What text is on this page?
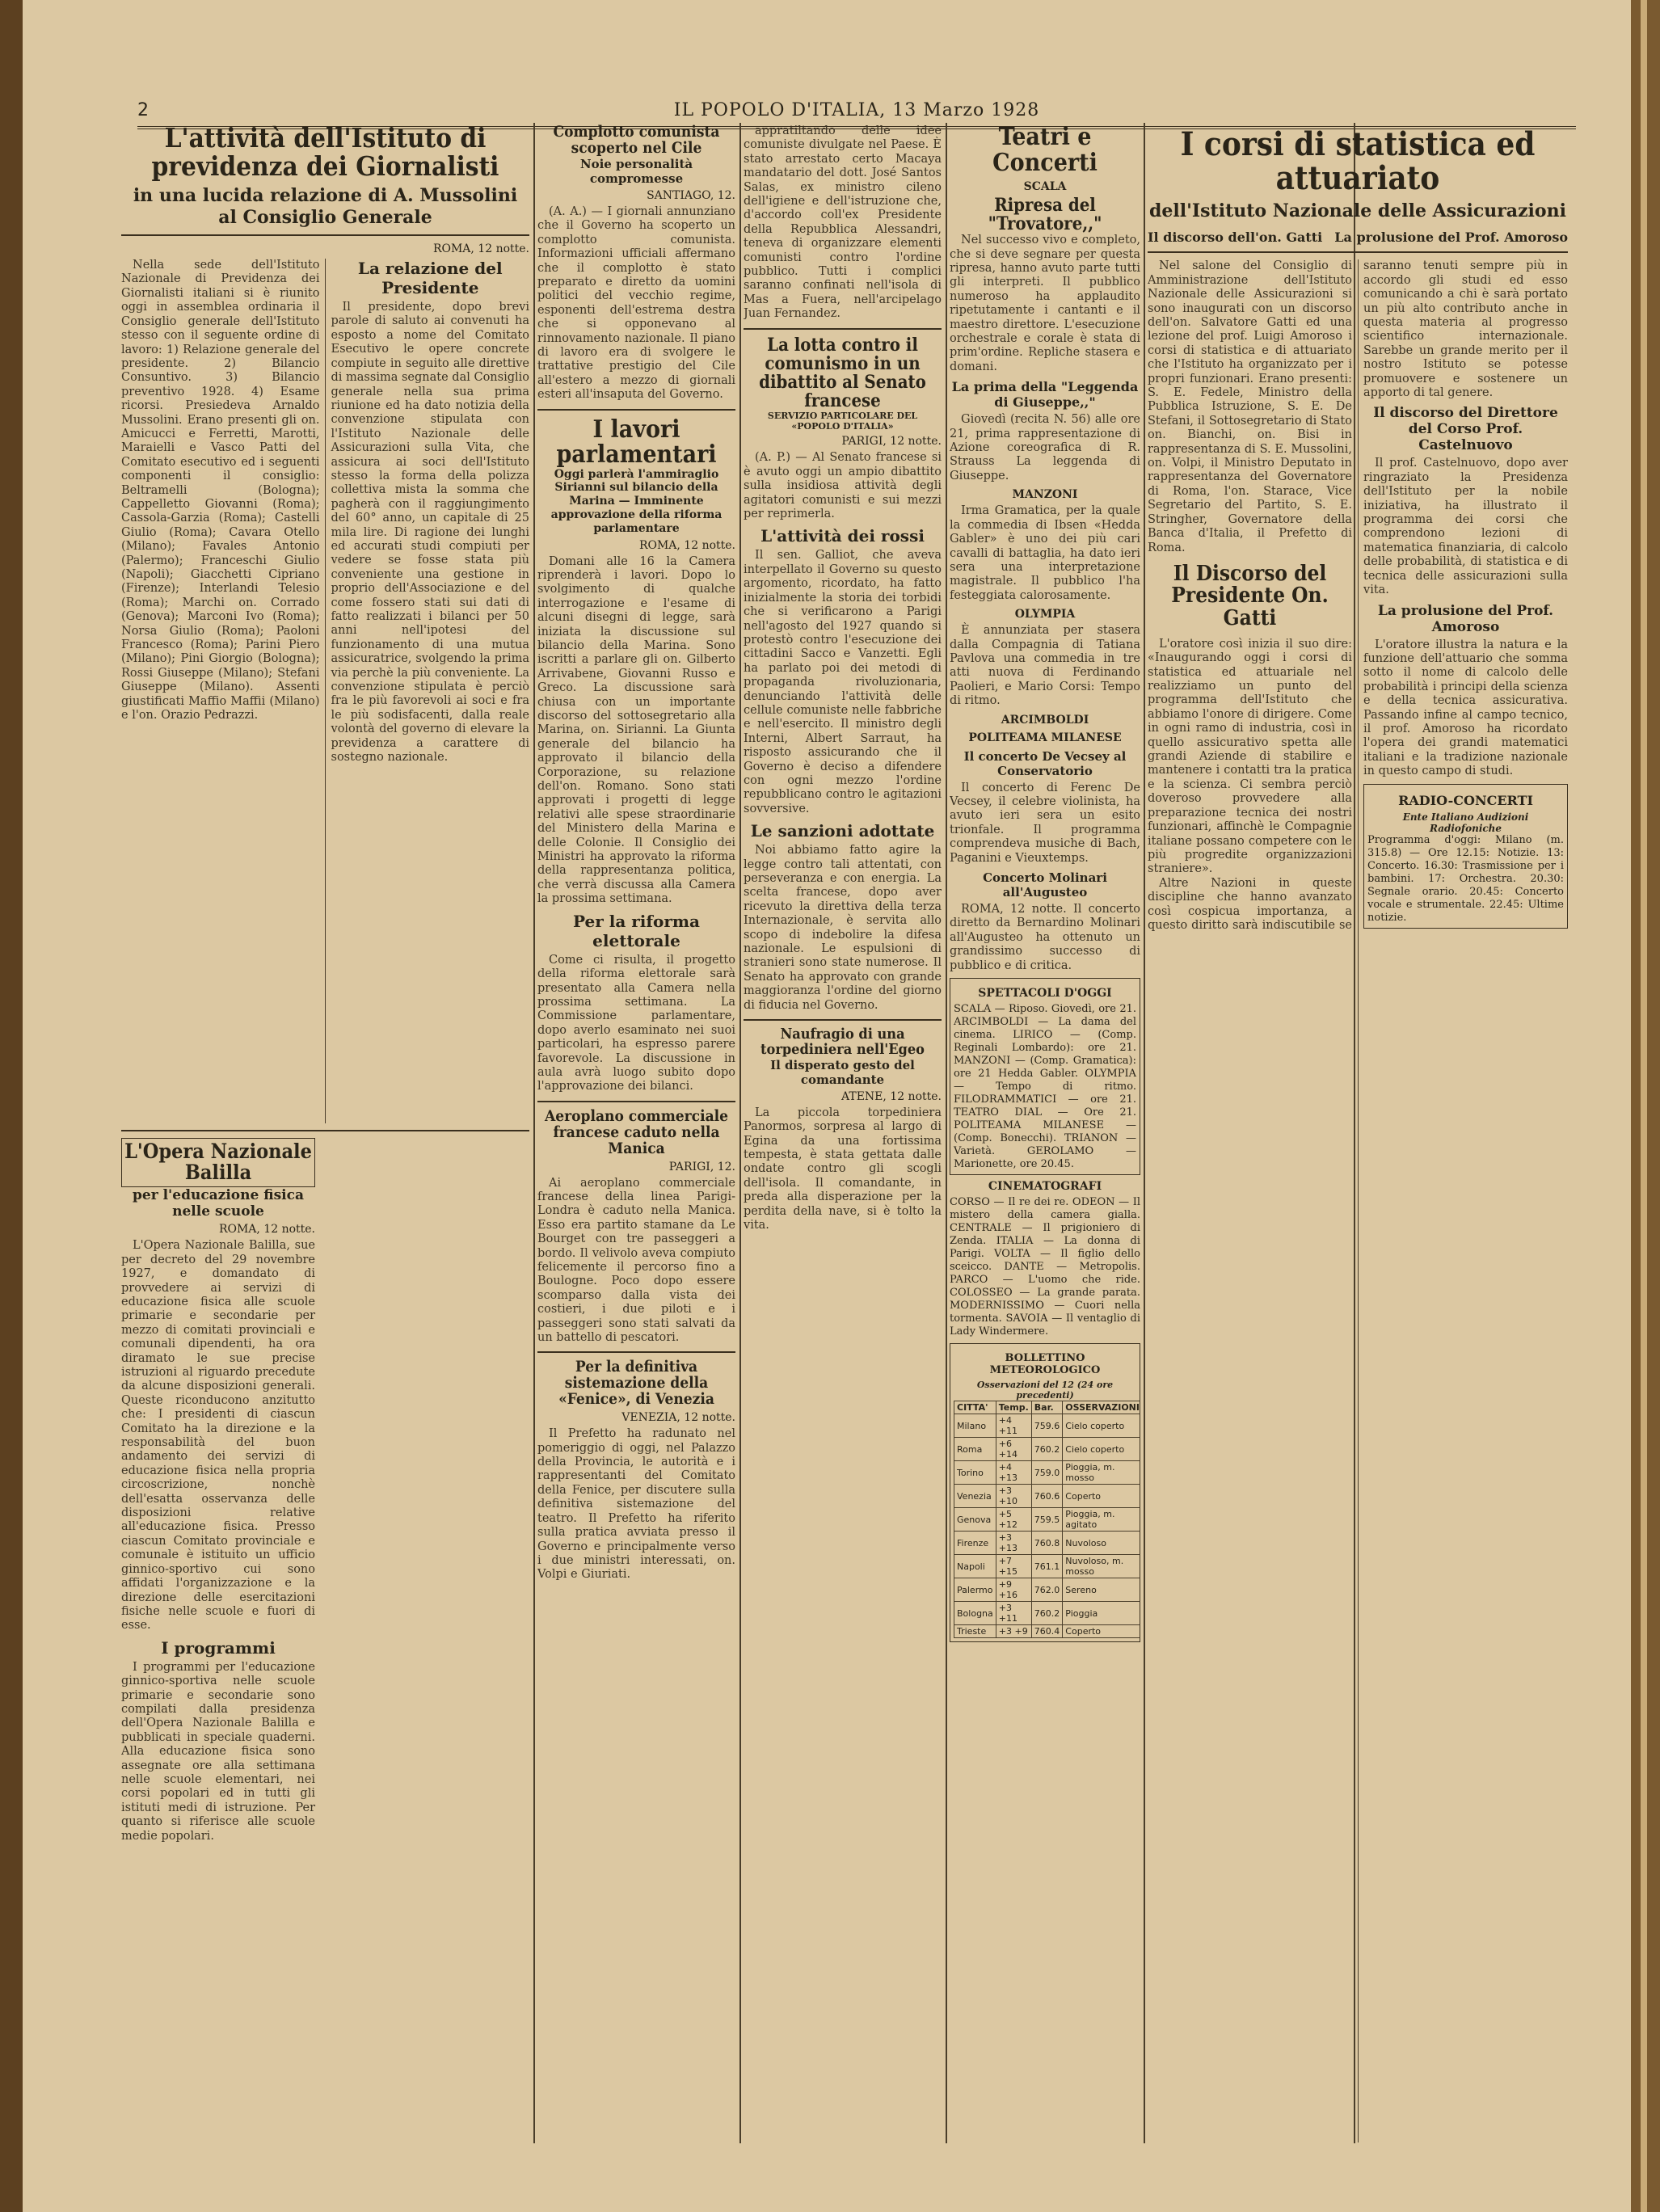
2	IL POPOLO D'ITALIA, 13 Marzo 1928
L'attività dell'Istituto di previdenza dei Giornalisti
in una lucida relazione di A. Mussolini al Consiglio Generale
ROMA, 12 notte.

Nella sede dell'Istituto Nazionale di Previdenza dei Giornalisti italiani si è riunito oggi in assemblea ordinaria il Consiglio generale dell'Istituto stesso con il seguente ordine di lavoro: 1) Relazione generale del presidente. 2) Bilancio Consuntivo. 3) Bilancio preventivo 1928. 4) Esame ricorsi. Presiedeva Arnaldo Mussolini. Erano presenti gli on. Amicucci e Ferretti, Marotti, Maraielli e Vasco Patti del Comitato esecutivo ed i seguenti componenti il consiglio: Beltramelli (Bologna); Cappelletto Giovanni (Roma); Cassola-Garzia (Roma); Castelli Giulio (Roma); Cavara Otello (Milano); Favales Antonio (Palermo); Franceschi Giulio (Napoli); Giacchetti Cipriano (Firenze); Interlandi Telesio (Roma); Marchi on. Corrado (Genova); Marconi Ivo (Roma); Norsa Giulio (Roma); Paoloni Francesco (Roma); Parini Piero (Milano); Pini Giorgio (Bologna); Rossi Giuseppe (Milano); Stefani Giuseppe (Milano). Assenti giustificati Maffio Maffii (Milano) e l'on. Orazio Pedrazzi.

La relazione del Presidente

Il presidente, dopo brevi parole di saluto ai convenuti ha esposto a nome del Comitato Esecutivo le opere concrete compiute in seguito alle direttive di massima segnate dal Consiglio generale nella sua prima riunione ed ha dato notizia della convenzione stipulata con l'Istituto Nazionale delle Assicurazioni sulla Vita, che assicura ai soci dell'Istituto stesso la forma della polizza collettiva mista la somma che pagherà con il raggiungimento del 60° anno, un capitale di 25 mila lire. Di ragione dei lunghi ed accurati studi compiuti per vedere se fosse stata più conveniente una gestione in proprio dell'Associazione e del come fossero stati sui dati di fatto realizzati i bilanci per 50 anni nell'ipotesi del funzionamento di una mutua assicuratrice, svolgendo la prima via perchè la più conveniente. La convenzione stipulata è perciò fra le più favorevoli ai soci e fra le più sodisfacenti, dalla reale volontà del governo di elevare la previdenza a carattere di sostegno nazionale.

L'Opera Nazionale Balilla
per l'educazione fisica nelle scuole
ROMA, 12 notte.

L'Opera Nazionale Balilla, sue per decreto del 29 novembre 1927, e domandato di provvedere ai servizi di educazione fisica alle scuole primarie e secondarie per mezzo di comitati provinciali e comunali dipendenti, ha ora diramato le sue precise istruzioni al riguardo precedute da alcune disposizioni generali. Queste riconducono anzitutto che: I presidenti di ciascun Comitato ha la direzione e la responsabilità del buon andamento dei servizi di educazione fisica nella propria circoscrizione, nonchè dell'esatta osservanza delle disposizioni relative all'educazione fisica. Presso ciascun Comitato provinciale e comunale è istituito un ufficio ginnico-sportivo cui sono affidati l'organizzazione e la direzione delle esercitazioni fisiche nelle scuole e fuori di esse.

I programmi

I programmi per l'educazione ginnico-sportiva nelle scuole primarie e secondarie sono compilati dalla presidenza dell'Opera Nazionale Balilla e pubblicati in speciale quaderni. Alla educazione fisica sono assegnate ore alla settimana nelle scuole elementari, nei corsi popolari ed in tutti gli istituti medi di istruzione. Per quanto si riferisce alle scuole medie popolari.

Complotto comunista scoperto nel Cile
Noie personalità compromesse
SANTIAGO, 12.

(A. A.) — I giornali annunziano che il Governo ha scoperto un complotto comunista. Informazioni ufficiali affermano che il complotto è stato preparato e diretto da uomini politici del vecchio regime, esponenti dell'estrema destra che si opponevano al rinnovamento nazionale. Il piano di lavoro era di svolgere le trattative prestigio del Cile all'estero a mezzo di giornali esteri all'insaputa del Governo.

I lavori parlamentari
Oggi parlerà l'ammiraglio Sirianni sul bilancio della Marina — Imminente approvazione della riforma parlamentare
ROMA, 12 notte.

Domani alle 16 la Camera riprenderà i lavori. Dopo lo svolgimento di qualche interrogazione e l'esame di alcuni disegni di legge, sarà iniziata la discussione sul bilancio della Marina. Sono iscritti a parlare gli on. Gilberto Arrivabene, Giovanni Russo e Greco. La discussione sarà chiusa con un importante discorso del sottosegretario alla Marina, on. Sirianni. La Giunta generale del bilancio ha approvato il bilancio della Corporazione, su relazione dell'on. Romano. Sono stati approvati i progetti di legge relativi alle spese straordinarie del Ministero della Marina e delle Colonie. Il Consiglio dei Ministri ha approvato la riforma della rappresentanza politica, che verrà discussa alla Camera la prossima settimana.

Per la riforma elettorale

Come ci risulta, il progetto della riforma elettorale sarà presentato alla Camera nella prossima settimana. La Commissione parlamentare, dopo averlo esaminato nei suoi particolari, ha espresso parere favorevole. La discussione in aula avrà luogo subito dopo l'approvazione dei bilanci.

Aeroplano commerciale francese caduto nella Manica
PARIGI, 12.

Ai aeroplano commerciale francese della linea Parigi-Londra è caduto nella Manica. Esso era partito stamane da Le Bourget con tre passeggeri a bordo. Il velivolo aveva compiuto felicemente il percorso fino a Boulogne. Poco dopo essere scomparso dalla vista dei costieri, i due piloti e i passeggeri sono stati salvati da un battello di pescatori.

Per la definitiva sistemazione della «Fenice», di Venezia
VENEZIA, 12 notte.

Il Prefetto ha radunato nel pomeriggio di oggi, nel Palazzo della Provincia, le autorità e i rappresentanti del Comitato della Fenice, per discutere sulla definitiva sistemazione del teatro. Il Prefetto ha riferito sulla pratica avviata presso il Governo e principalmente verso i due ministri interessati, on. Volpi e Giuriati.

appratiltando delle idee comuniste divulgate nel Paese. È stato arrestato certo Macaya mandatario del dott. José Santos Salas, ex ministro cileno dell'igiene e dell'istruzione che, d'accordo coll'ex Presidente della Repubblica Alessandri, teneva di organizzare elementi comunisti contro l'ordine pubblico. Tutti i complici saranno confinati nell'isola di Mas a Fuera, nell'arcipelago Juan Fernandez.

La lotta contro il comunismo in un dibattito al Senato francese
SERVIZIO PARTICOLARE DEL «POPOLO D'ITALIA»
PARIGI, 12 notte.

(A. P.) — Al Senato francese si è avuto oggi un ampio dibattito sulla insidiosa attività degli agitatori comunisti e sui mezzi per reprimerla.

L'attività dei rossi

Il sen. Galliot, che aveva interpellato il Governo su questo argomento, ricordato, ha fatto inizialmente la storia dei torbidi che si verificarono a Parigi nell'agosto del 1927 quando si protestò contro l'esecuzione dei cittadini Sacco e Vanzetti. Egli ha parlato poi dei metodi di propaganda rivoluzionaria, denunciando l'attività delle cellule comuniste nelle fabbriche e nell'esercito. Il ministro degli Interni, Albert Sarraut, ha risposto assicurando che il Governo è deciso a difendere con ogni mezzo l'ordine repubblicano contro le agitazioni sovversive.

Le sanzioni adottate

Noi abbiamo fatto agire la legge contro tali attentati, con perseveranza e con energia. La scelta francese, dopo aver ricevuto la direttiva della terza Internazionale, è servita allo scopo di indebolire la difesa nazionale. Le espulsioni di stranieri sono state numerose. Il Senato ha approvato con grande maggioranza l'ordine del giorno di fiducia nel Governo.

Naufragio di una torpediniera nell'Egeo
Il disperato gesto del comandante
ATENE, 12 notte.

La piccola torpediniera Panormos, sorpresa al largo di Egina da una fortissima tempesta, è stata gettata dalle ondate contro gli scogli dell'isola. Il comandante, in preda alla disperazione per la perdita della nave, si è tolto la vita.

Teatri e Concerti
SCALA
Ripresa del "Trovatore,,"

Nel successo vivo e completo, che si deve segnare per questa ripresa, hanno avuto parte tutti gli interpreti. Il pubblico numeroso ha applaudito ripetutamente i cantanti e il maestro direttore. L'esecuzione orchestrale e corale è stata di prim'ordine. Repliche stasera e domani.

La prima della "Leggenda di Giuseppe,,"

Giovedì (recita N. 56) alle ore 21, prima rappresentazione di Azione coreografica di R. Strauss La leggenda di Giuseppe.

MANZONI

Irma Gramatica, per la quale la commedia di Ibsen «Hedda Gabler» è uno dei più cari cavalli di battaglia, ha dato ieri sera una interpretazione magistrale. Il pubblico l'ha festeggiata calorosamente.

OLYMPIA

È annunziata per stasera dalla Compagnia di Tatiana Pavlova una commedia in tre atti nuova di Ferdinando Paolieri, e Mario Corsi: Tempo di ritmo.

ARCIMBOLDI
POLITEAMA MILANESE
Il concerto De Vecsey al Conservatorio

Il concerto di Ferenc De Vecsey, il celebre violinista, ha avuto ieri sera un esito trionfale. Il programma comprendeva musiche di Bach, Paganini e Vieuxtemps.

Concerto Molinari all'Augusteo

ROMA, 12 notte. Il concerto diretto da Bernardino Molinari all'Augusteo ha ottenuto un grandissimo successo di pubblico e di critica.

SPETTACOLI D'OGGI

SCALA — Riposo. Giovedì, ore 21. ARCIMBOLDI — La dama del cinema. LIRICO — (Comp. Reginali Lombardo): ore 21. MANZONI — (Comp. Gramatica): ore 21 Hedda Gabler. OLYMPIA — Tempo di ritmo. FILODRAMMATICI — ore 21. TEATRO DIAL — Ore 21. POLITEAMA MILANESE — (Comp. Bonecchi). TRIANON — Varietà. GEROLAMO — Marionette, ore 20.45.

CINEMATOGRAFI

CORSO — Il re dei re. ODEON — Il mistero della camera gialla. CENTRALE — Il prigioniero di Zenda. ITALIA — La donna di Parigi. VOLTA — Il figlio dello sceicco. DANTE — Metropolis. PARCO — L'uomo che ride. COLOSSEO — La grande parata. MODERNISSIMO — Cuori nella tormenta. SAVOIA — Il ventaglio di Lady Windermere.

BOLLETTINO METEOROLOGICO
Osservazioni del 12 (24 ore precedenti)
CITTA'	Temp.	Bar.	OSSERVAZIONI
Milano	+4 +11	759.6	Cielo coperto
Roma	+6 +14	760.2	Cielo coperto
Torino	+4 +13	759.0	Pioggia, m. mosso
Venezia	+3 +10	760.6	Coperto
Genova	+5 +12	759.5	Pioggia, m. agitato
Firenze	+3 +13	760.8	Nuvoloso
Napoli	+7 +15	761.1	Nuvoloso, m. mosso
Palermo	+9 +16	762.0	Sereno
Bologna	+3 +11	760.2	Pioggia
Trieste	+3 +9	760.4	Coperto
I corsi di statistica ed attuariato
dell'Istituto Nazionale delle Assicurazioni
Il discorso dell'on. Gatti La prolusione del Prof. Amoroso

Nel salone del Consiglio di Amministrazione dell'Istituto Nazionale delle Assicurazioni si sono inaugurati con un discorso dell'on. Salvatore Gatti ed una lezione del prof. Luigi Amoroso i corsi di statistica e di attuariato che l'Istituto ha organizzato per i propri funzionari. Erano presenti: S. E. Fedele, Ministro della Pubblica Istruzione, S. E. De Stefani, il Sottosegretario di Stato on. Bianchi, on. Bisi in rappresentanza di S. E. Mussolini, on. Volpi, il Ministro Deputato in rappresentanza del Governatore di Roma, l'on. Starace, Vice Segretario del Partito, S. E. Stringher, Governatore della Banca d'Italia, il Prefetto di Roma.

Il Discorso del Presidente On. Gatti

L'oratore così inizia il suo dire: «Inaugurando oggi i corsi di statistica ed attuariale nel realizziamo un punto del programma dell'Istituto che abbiamo l'onore di dirigere. Come in ogni ramo di industria, così in quello assicurativo spetta alle grandi Aziende di stabilire e mantenere i contatti tra la pratica e la scienza. Ci sembra perciò doveroso provvedere alla preparazione tecnica dei nostri funzionari, affinchè le Compagnie italiane possano competere con le più progredite organizzazioni straniere».

Altre Nazioni in queste discipline che hanno avanzato così cospicua importanza, a questo diritto sarà indiscutibile se saranno tenuti sempre più in accordo gli studi ed esso comunicando a chi è sarà portato un più alto contributo anche in questa materia al progresso scientifico internazionale. Sarebbe un grande merito per il nostro Istituto se potesse promuovere e sostenere un apporto di tal genere.

Il discorso del Direttore del Corso Prof. Castelnuovo

Il prof. Castelnuovo, dopo aver ringraziato la Presidenza dell'Istituto per la nobile iniziativa, ha illustrato il programma dei corsi che comprendono lezioni di matematica finanziaria, di calcolo delle probabilità, di statistica e di tecnica delle assicurazioni sulla vita.

La prolusione del Prof. Amoroso

L'oratore illustra la natura e la funzione dell'attuario che somma sotto il nome di calcolo delle probabilità i principi della scienza e della tecnica assicurativa. Passando infine al campo tecnico, il prof. Amoroso ha ricordato l'opera dei grandi matematici italiani e la tradizione nazionale in questo campo di studi.

RADIO-CONCERTI
Ente Italiano Audizioni Radiofoniche

Programma d'oggi: Milano (m. 315.8) — Ore 12.15: Notizie. 13: Concerto. 16.30: Trasmissione per i bambini. 17: Orchestra. 20.30: Segnale orario. 20.45: Concerto vocale e strumentale. 22.45: Ultime notizie.
